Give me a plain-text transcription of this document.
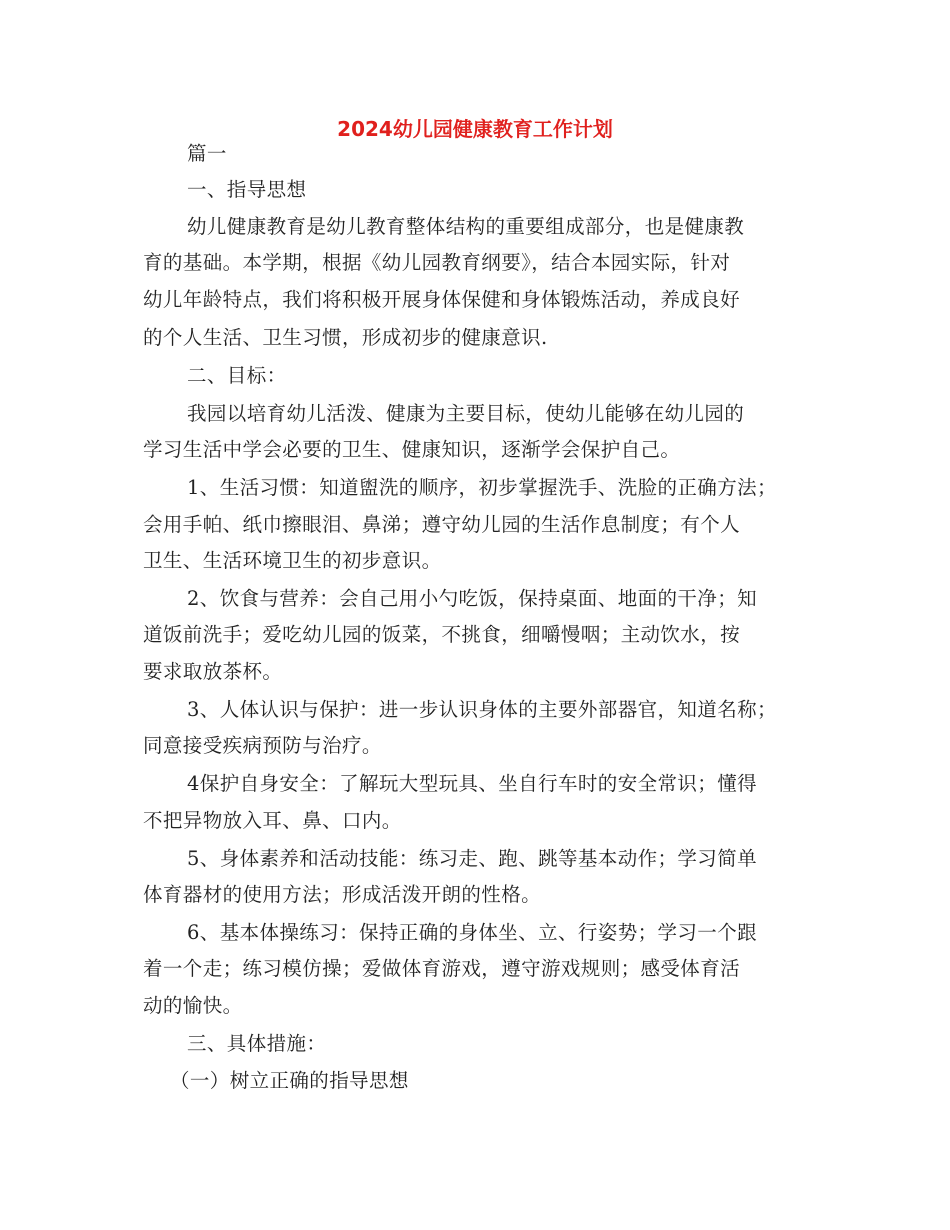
2024幼儿园健康教育工作计划
篇一
一、指导思想
幼儿健康教育是幼儿教育整体结构的重要组成部分，也是健康教
育的基础。本学期，根据《幼儿园教育纲要》，结合本园实际，针对
幼儿年龄特点，我们将积极开展身体保健和身体锻炼活动，养成良好
的个人生活、卫生习惯，形成初步的健康意识.
二、目标：
我园以培育幼儿活泼、健康为主要目标，使幼儿能够在幼儿园的
学习生活中学会必要的卫生、健康知识，逐渐学会保护自己。
1、生活习惯：知道盥洗的顺序，初步掌握洗手、洗脸的正确方法；
会用手帕、纸巾擦眼泪、鼻涕；遵守幼儿园的生活作息制度；有个人
卫生、生活环境卫生的初步意识。
2、饮食与营养：会自己用小勺吃饭，保持桌面、地面的干净；知
道饭前洗手；爱吃幼儿园的饭菜，不挑食，细嚼慢咽；主动饮水，按
要求取放茶杯。
3、人体认识与保护：进一步认识身体的主要外部器官，知道名称；
同意接受疾病预防与治疗。
4保护自身安全：了解玩大型玩具、坐自行车时的安全常识；懂得
不把异物放入耳、鼻、口内。
5、身体素养和活动技能：练习走、跑、跳等基本动作；学习简单
体育器材的使用方法；形成活泼开朗的性格。
6、基本体操练习：保持正确的身体坐、立、行姿势；学习一个跟
着一个走；练习模仿操；爱做体育游戏，遵守游戏规则；感受体育活
动的愉快。
三、具体措施：
（一）树立正确的指导思想
